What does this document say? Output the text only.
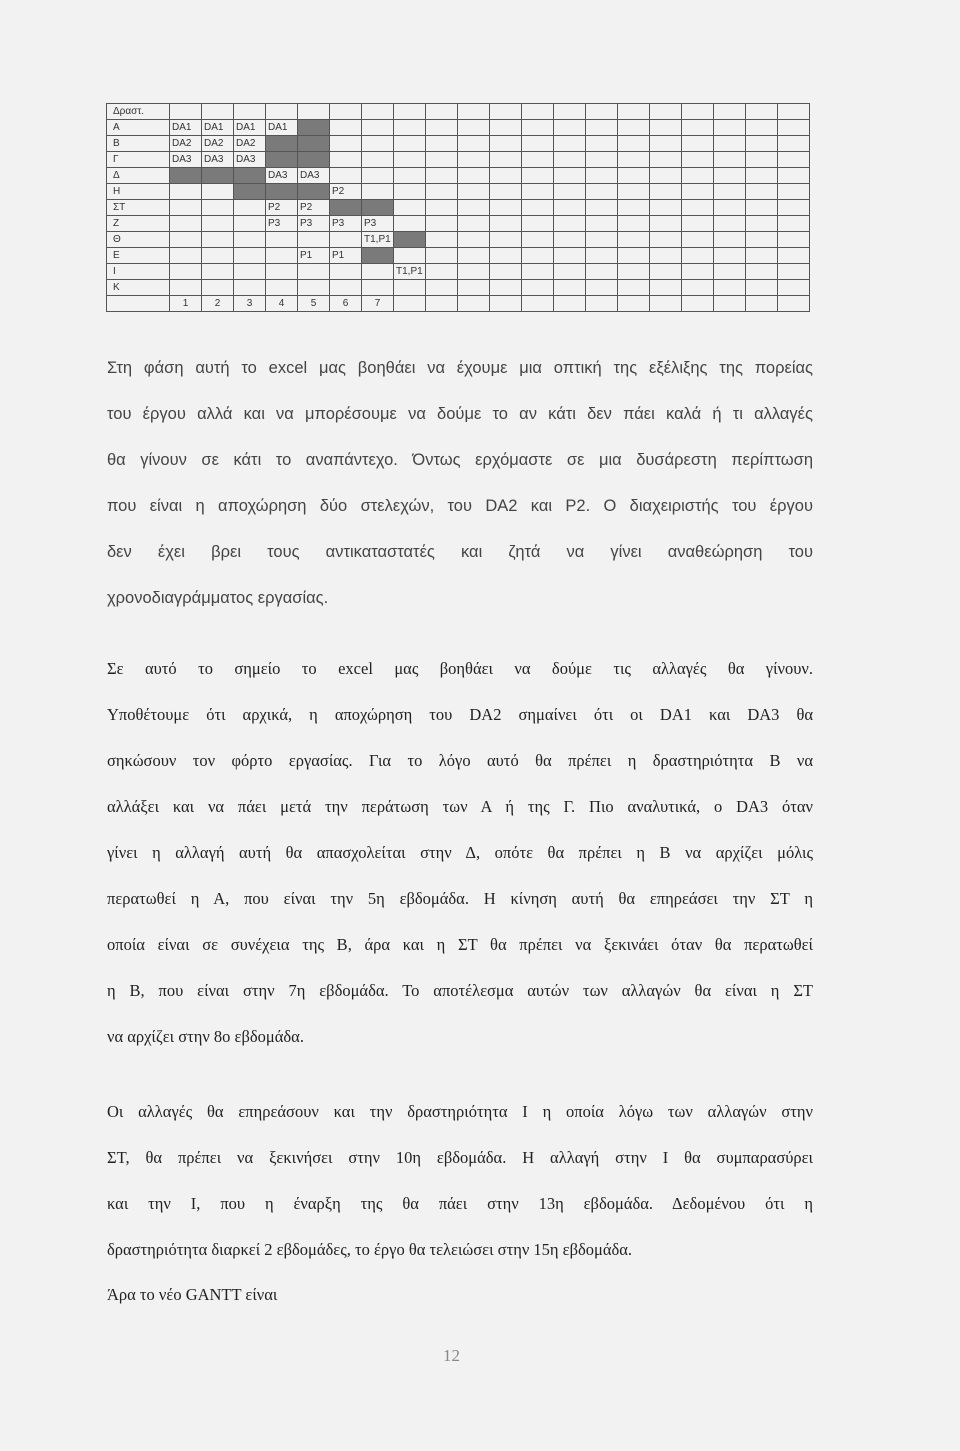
Δραστ.																				
A	DA1	DA1	DA1	DA1																
B	DA2	DA2	DA2																	
Γ	DA3	DA3	DA3																	
Δ				DA3	DA3															
H						P2														
ΣΤ				P2	P2															
Z				P3	P3	P3	P3													
Θ							T1,P1													
E					P1	P1														
I								T1,P1												
K																				
	1	2	3	4	5	6	7													

Στη φάση αυτή το excel μας βοηθάει να έχουμε μια οπτική της εξέλιξης της πορείας
του έργου αλλά και να μπορέσουμε να δούμε το αν κάτι δεν πάει καλά ή τι αλλαγές
θα γίνουν σε κάτι το αναπάντεχο. Όντως ερχόμαστε σε μια δυσάρεστη περίπτωση
που είναι η αποχώρηση δύο στελεχών, του DA2 και P2. Ο διαχειριστής του έργου
δεν έχει βρει τους αντικαταστατές και ζητά να γίνει αναθεώρηση του
χρονοδιαγράμματος εργασίας.

Σε αυτό το σημείο το excel μας βοηθάει να δούμε τις αλλαγές θα γίνουν.
Υποθέτουμε ότι αρχικά, η αποχώρηση του DA2 σημαίνει ότι οι DA1 και DA3 θα
σηκώσουν τον φόρτο εργασίας. Για το λόγο αυτό θα πρέπει η δραστηριότητα Β να
αλλάξει και να πάει μετά την περάτωση των Α ή της Γ. Πιο αναλυτικά, ο DA3 όταν
γίνει η αλλαγή αυτή θα απασχολείται στην Δ, οπότε θα πρέπει η Β να αρχίζει μόλις
περατωθεί η Α, που είναι την 5η εβδομάδα. Η κίνηση αυτή θα επηρεάσει την ΣΤ η
οποία είναι σε συνέχεια της Β, άρα και η ΣΤ θα πρέπει να ξεκινάει όταν θα περατωθεί
η Β, που είναι στην 7η εβδομάδα. Το αποτέλεσμα αυτών των αλλαγών θα είναι η ΣΤ
να αρχίζει στην 8ο εβδομάδα.

Οι αλλαγές θα επηρεάσουν και την δραστηριότητα Ι η οποία λόγω των αλλαγών στην
ΣΤ, θα πρέπει να ξεκινήσει στην 10η εβδομάδα. Η αλλαγή στην Ι θα συμπαρασύρει
και την Ι, που η έναρξη της θα πάει στην 13η εβδομάδα. Δεδομένου ότι η
δραστηριότητα διαρκεί 2 εβδομάδες, το έργο θα τελειώσει στην 15η εβδομάδα.

Άρα το νέο GANTT είναι

12
